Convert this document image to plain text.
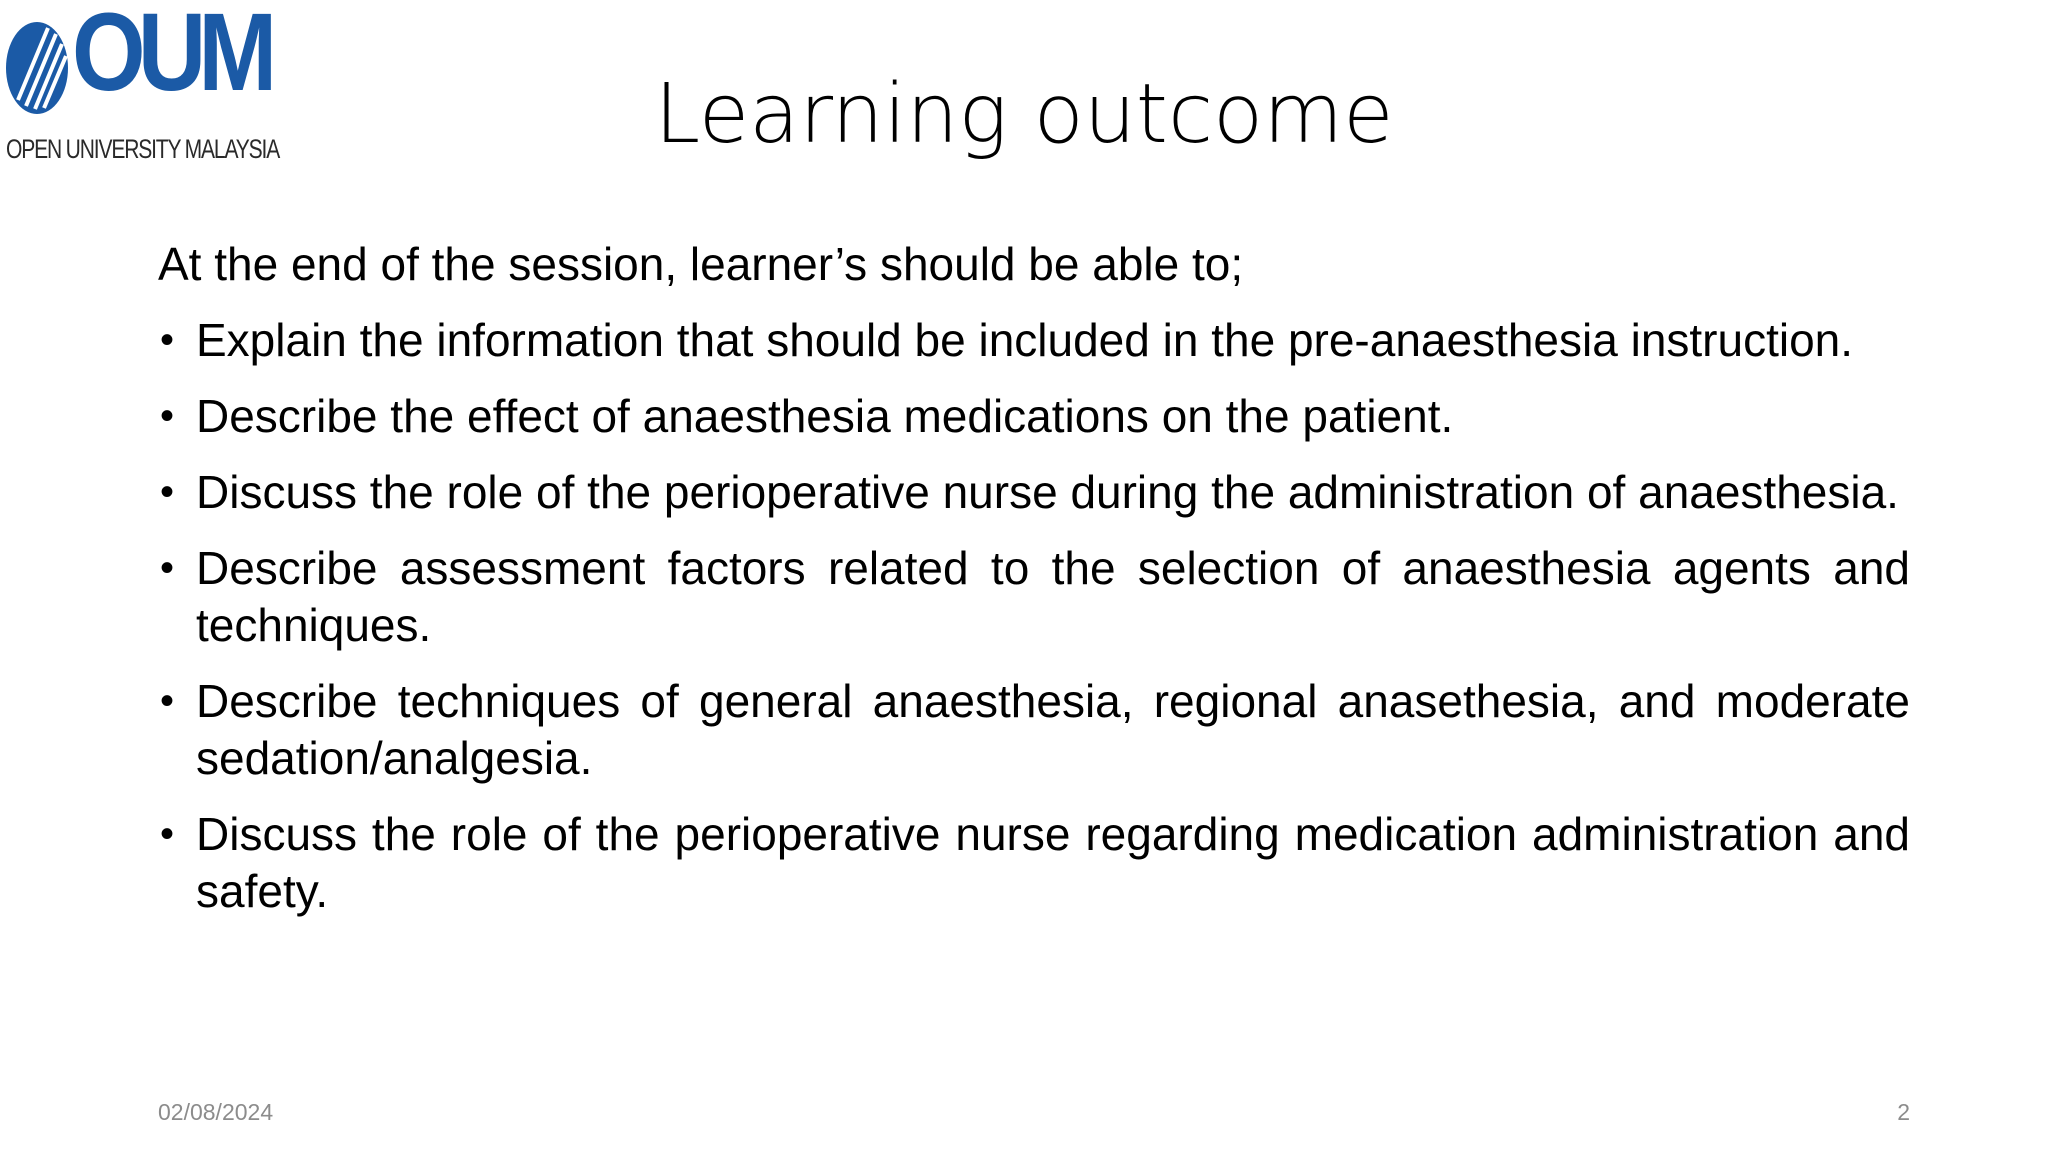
OUM
OPEN UNIVERSITY MALAYSIA	Learning outcome

At the end of the session, learner’s should be able to;

• Explain the information that should be included in the pre-anaesthesia instruction.
• Describe the effect of anaesthesia medications on the patient.
• Discuss the role of the perioperative nurse during the administration of anaesthesia.
• Describe assessment factors related to the selection of anaesthesia agents and techniques.
• Describe techniques of general anaesthesia, regional anasethesia, and moderate sedation/analgesia.
• Discuss the role of the perioperative nurse regarding medication administration and safety.
02/08/2024	2
